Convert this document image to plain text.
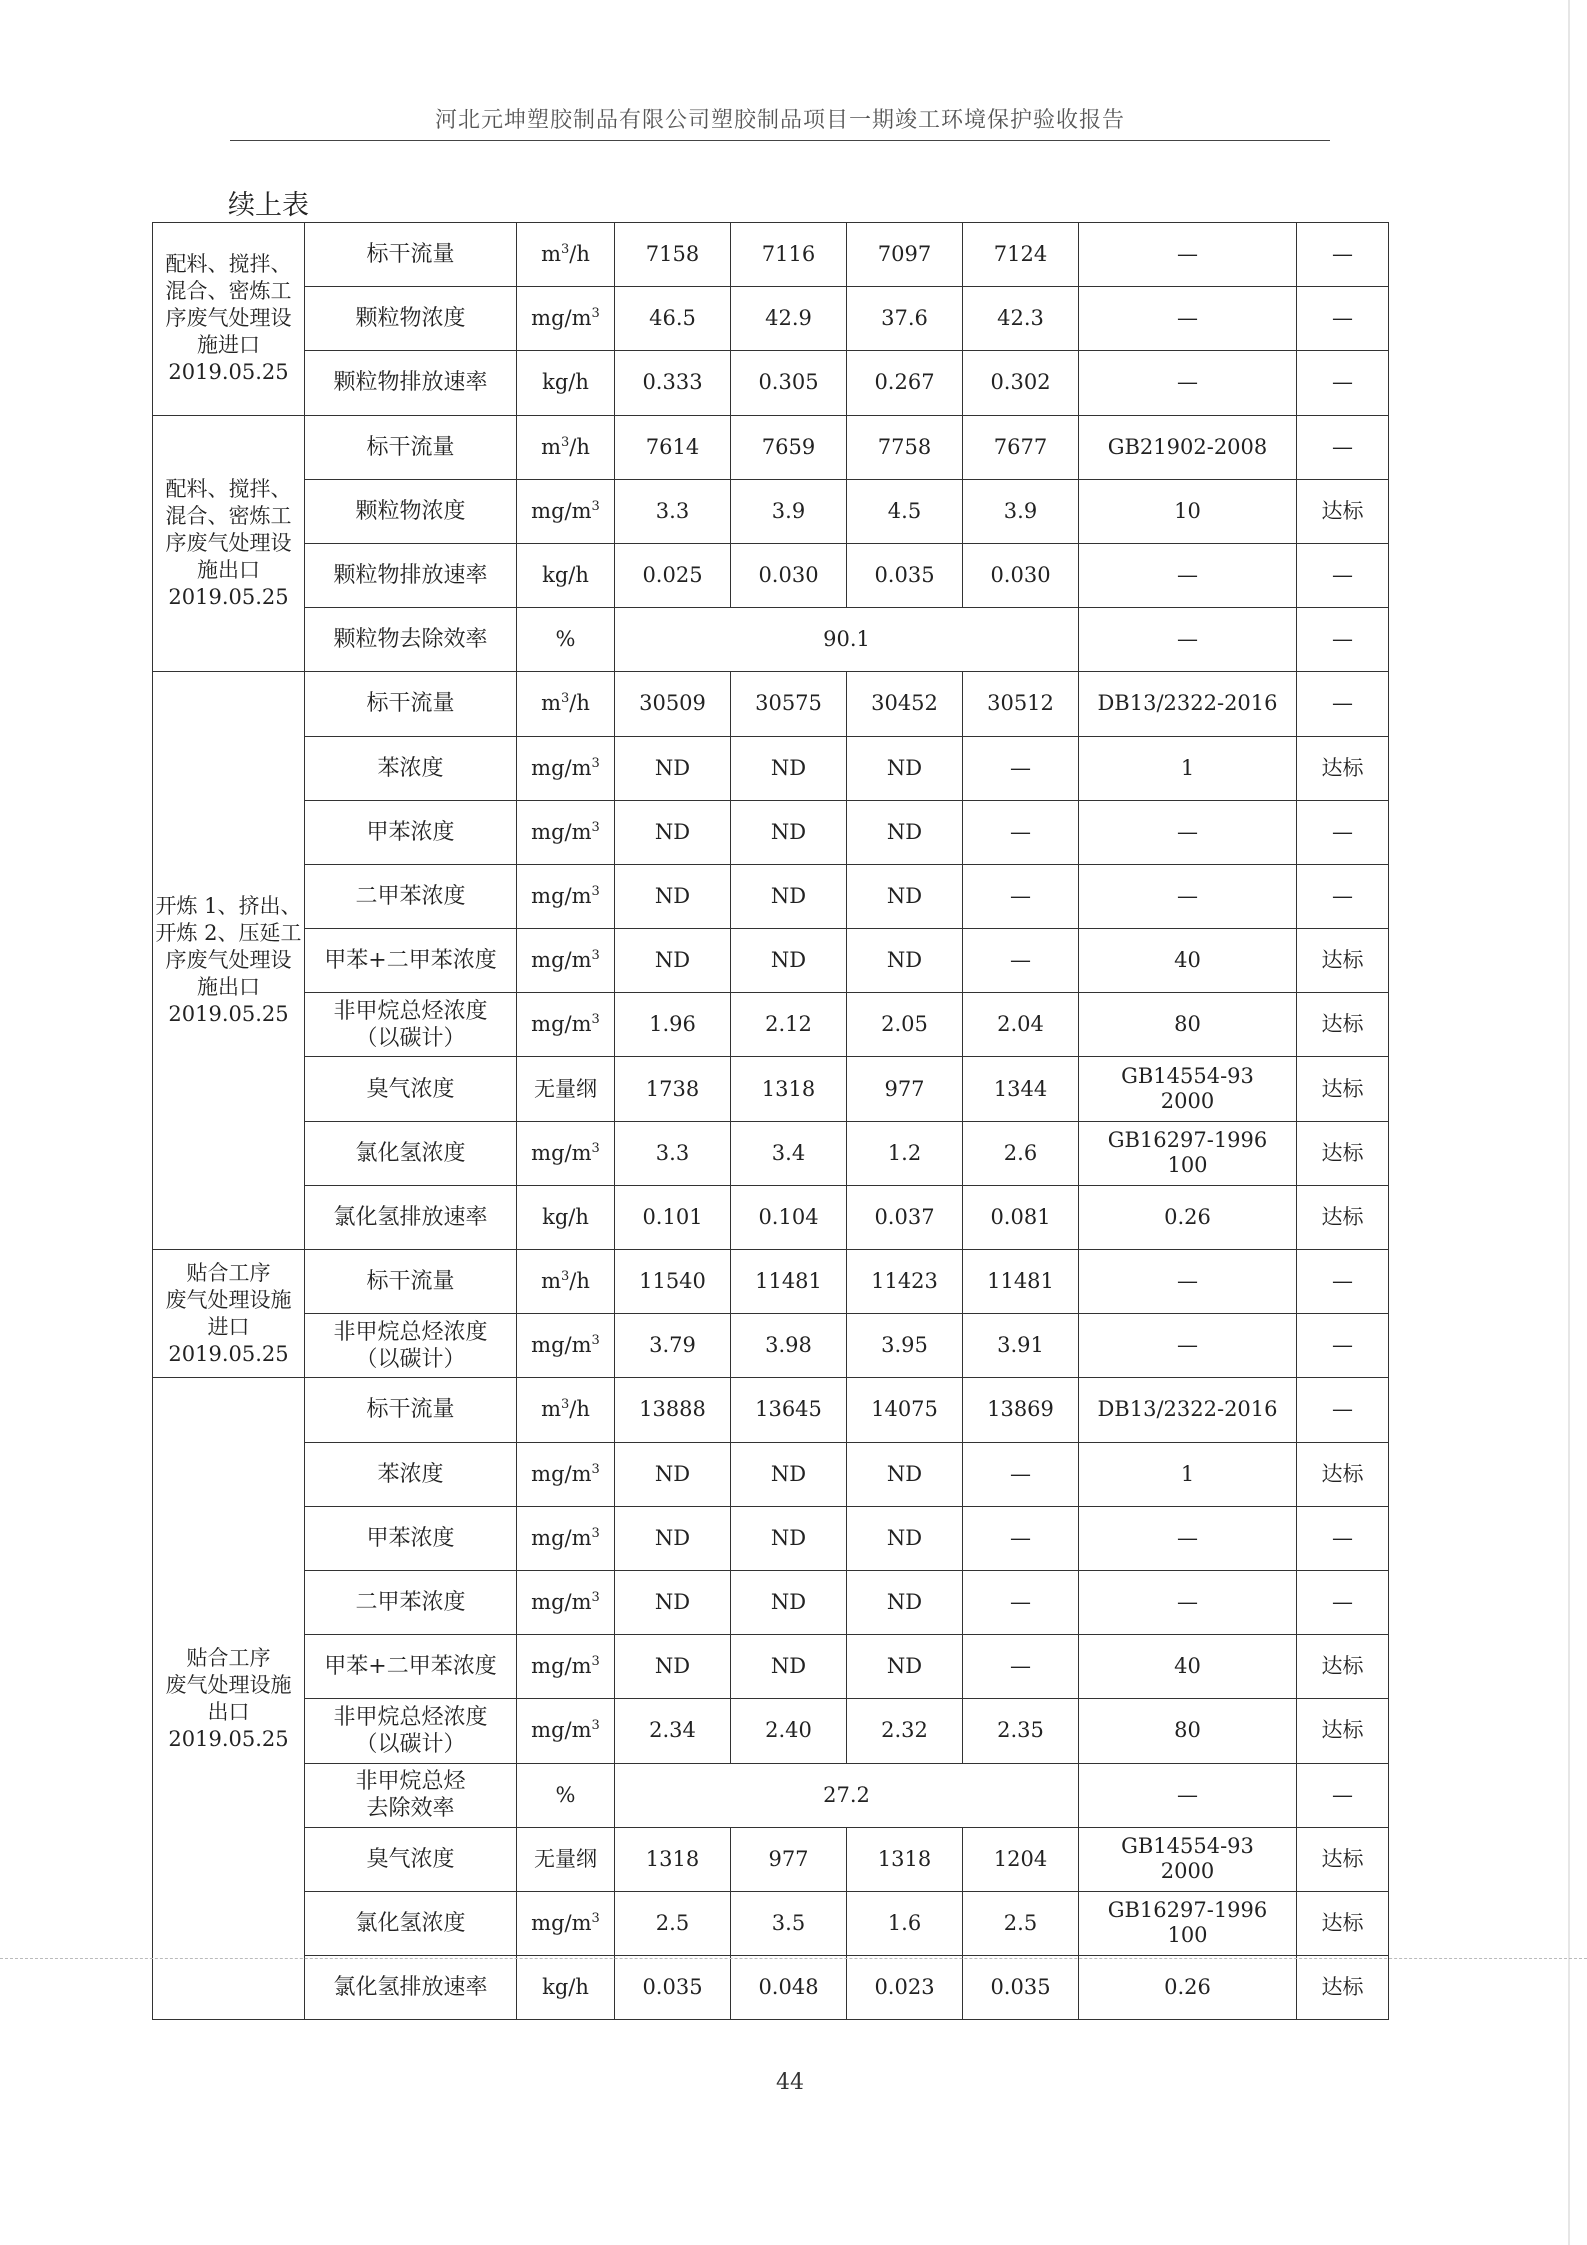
河北元坤塑胶制品有限公司塑胶制品项目一期竣工环境保护验收报告
续上表
配料、搅拌、
混合、密炼工
序废气处理设
施进口
2019.05.25	标干流量	$m^3/h$	7158	7116	7097	7124	—	—

	颗粒物浓度	$mg/m^3$	46.5	42.9	37.6	42.3	—	—

	颗粒物排放速率	kg/h	0.333	0.305	0.267	0.302	—	—

配料、搅拌、
混合、密炼工
序废气处理设
施出口
2019.05.25	标干流量	$m^3/h$	7614	7659	7758	7677	GB21902-2008	—

	颗粒物浓度	$mg/m^3$	3.3	3.9	4.5	3.9	10	达标

	颗粒物排放速率	kg/h	0.025	0.030	0.035	0.030	—	—

	颗粒物去除效率	%	90.1				—	—

开炼 1、挤出、
开炼 2、压延工
序废气处理设
施出口
2019.05.25	标干流量	$m^3/h$	30509	30575	30452	30512	DB13/2322-2016	—

	苯浓度	$mg/m^3$	ND	ND	ND	—	1	达标

	甲苯浓度	$mg/m^3$	ND	ND	ND	—	—	—

	二甲苯浓度	$mg/m^3$	ND	ND	ND	—	—	—

	甲苯+二甲苯浓度	$mg/m^3$	ND	ND	ND	—	40	达标

	非甲烷总烃浓度
（以碳计）	$mg/m^3$	1.96	2.12	2.05	2.04	80	达标

	臭气浓度	无量纲	1738	1318	977	1344	GB14554-93
2000	达标

	氯化氢浓度	$mg/m^3$	3.3	3.4	1.2	2.6	GB16297-1996
100	达标

	氯化氢排放速率	kg/h	0.101	0.104	0.037	0.081	0.26	达标

贴合工序
废气处理设施
进口
2019.05.25	标干流量	$m^3/h$	11540	11481	11423	11481	—	—

	非甲烷总烃浓度
（以碳计）	$mg/m^3$	3.79	3.98	3.95	3.91	—	—

贴合工序
废气处理设施
出口
2019.05.25	标干流量	$m^3/h$	13888	13645	14075	13869	DB13/2322-2016	—

	苯浓度	$mg/m^3$	ND	ND	ND	—	1	达标

	甲苯浓度	$mg/m^3$	ND	ND	ND	—	—	—

	二甲苯浓度	$mg/m^3$	ND	ND	ND	—	—	—

	甲苯+二甲苯浓度	$mg/m^3$	ND	ND	ND	—	40	达标

	非甲烷总烃浓度
（以碳计）	$mg/m^3$	2.34	2.40	2.32	2.35	80	达标

	非甲烷总烃
去除效率	%	27.2				—	—

	臭气浓度	无量纲	1318	977	1318	1204	GB14554-93
2000	达标

	氯化氢浓度	$mg/m^3$	2.5	3.5	1.6	2.5	GB16297-1996
100	达标

	氯化氢排放速率	kg/h	0.035	0.048	0.023	0.035	0.26	达标
44
